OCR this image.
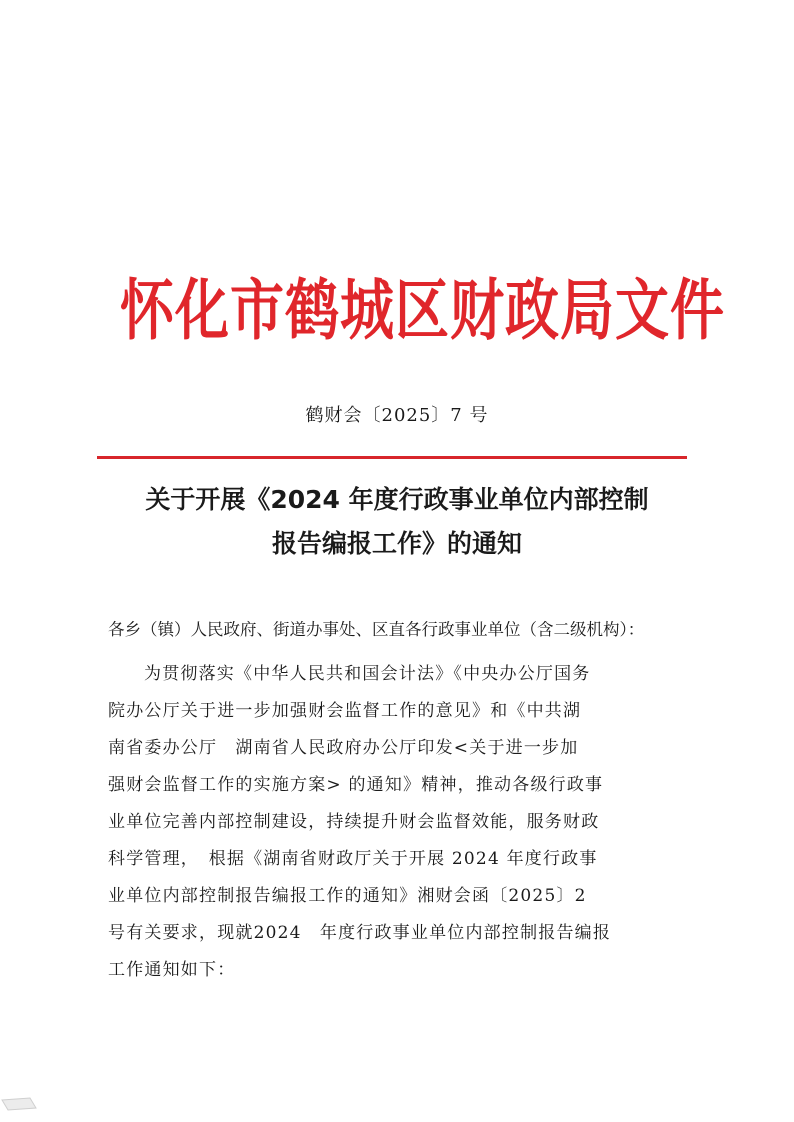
怀化市鹤城区财政局文件
鹤财会〔2025〕7 号
关于开展《2024 年度行政事业单位内部控制
报告编报工作》的通知
各乡（镇）人民政府、街道办事处、区直各行政事业单位（含二级机构）：
为贯彻落实《中华人民共和国会计法》《中央办公厅国务
院办公厅关于进一步加强财会监督工作的意见》和《中共湖
南省委办公厅　湖南省人民政府办公厅印发<关于进一步加
强财会监督工作的实施方案> 的通知》精神，推动各级行政事
业单位完善内部控制建设，持续提升财会监督效能，服务财政
科学管理，　根据《湖南省财政厅关于开展 2024 年度行政事
业单位内部控制报告编报工作的通知》湘财会函〔2025〕2
号有关要求，现就2024　年度行政事业单位内部控制报告编报
工作通知如下：
